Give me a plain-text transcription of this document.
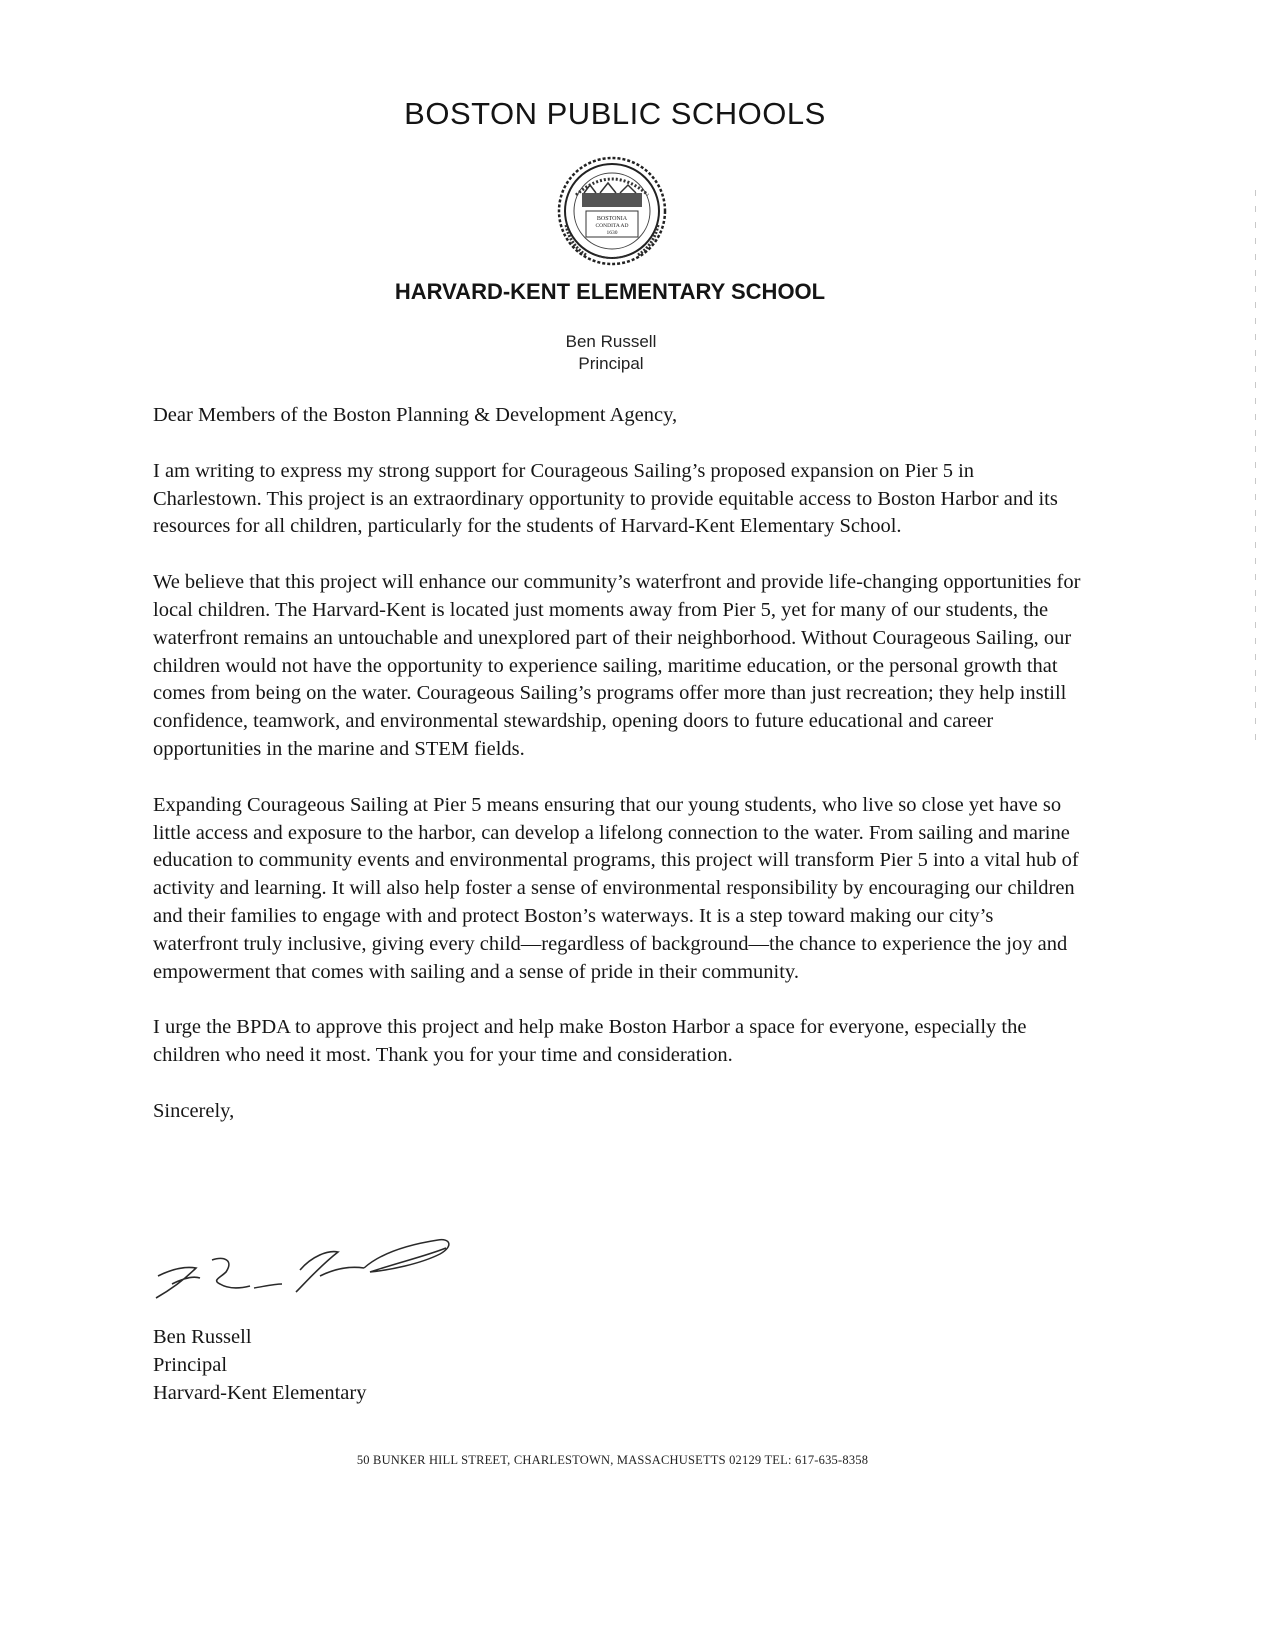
BOSTON PUBLIC SCHOOLS
BOSTONIA
CONDITA AD
1630
HARVARD-KENT ELEMENTARY SCHOOL
Ben Russell
Principal

Dear Members of the Boston Planning & Development Agency,

I am writing to express my strong support for Courageous Sailing’s proposed expansion on Pier 5 in Charlestown. This project is an extraordinary opportunity to provide equitable access to Boston Harbor and its resources for all children, particularly for the students of Harvard-Kent Elementary School.

We believe that this project will enhance our community’s waterfront and provide life-changing opportunities for local children. The Harvard-Kent is located just moments away from Pier 5, yet for many of our students, the waterfront remains an untouchable and unexplored part of their neighborhood. Without Courageous Sailing, our children would not have the opportunity to experience sailing, maritime education, or the personal growth that comes from being on the water. Courageous Sailing’s programs offer more than just recreation; they help instill confidence, teamwork, and environmental stewardship, opening doors to future educational and career opportunities in the marine and STEM fields.

Expanding Courageous Sailing at Pier 5 means ensuring that our young students, who live so close yet have so little access and exposure to the harbor, can develop a lifelong connection to the water. From sailing and marine education to community events and environmental programs, this project will transform Pier 5 into a vital hub of activity and learning. It will also help foster a sense of environmental responsibility by encouraging our children and their families to engage with and protect Boston’s waterways. It is a step toward making our city’s waterfront truly inclusive, giving every child—regardless of background—the chance to experience the joy and empowerment that comes with sailing and a sense of pride in their community.

I urge the BPDA to approve this project and help make Boston Harbor a space for everyone, especially the children who need it most. Thank you for your time and consideration.

Sincerely,

Ben Russell
Principal
Harvard-Kent Elementary
50 BUNKER HILL STREET, CHARLESTOWN, MASSACHUSETTS 02129 TEL: 617-635-8358
